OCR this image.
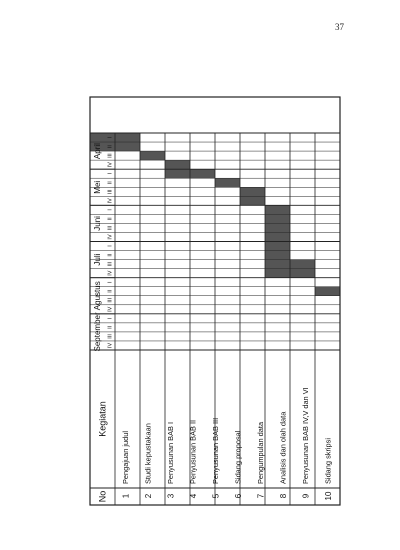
37
April
Mei
Juni
Juli
Agustus
September
I
II
III
IV
I
II
III
IV
I
II
III
IV
I
II
III
IV
I
II
III
IV
I
II
III
IV
No
Kegiatan
1
Pengajuan judul
2
Studi kepustakaan
3
Penyusunan BAB I
4
Penyusunan BAB II
5
Penyusunan BAB III
6
Sidang proposal
7
Pengumpulan data
8
Analisis dan olah data
9
Penyusunan BAB IV,V dan VI
10
Sidang skripsi
